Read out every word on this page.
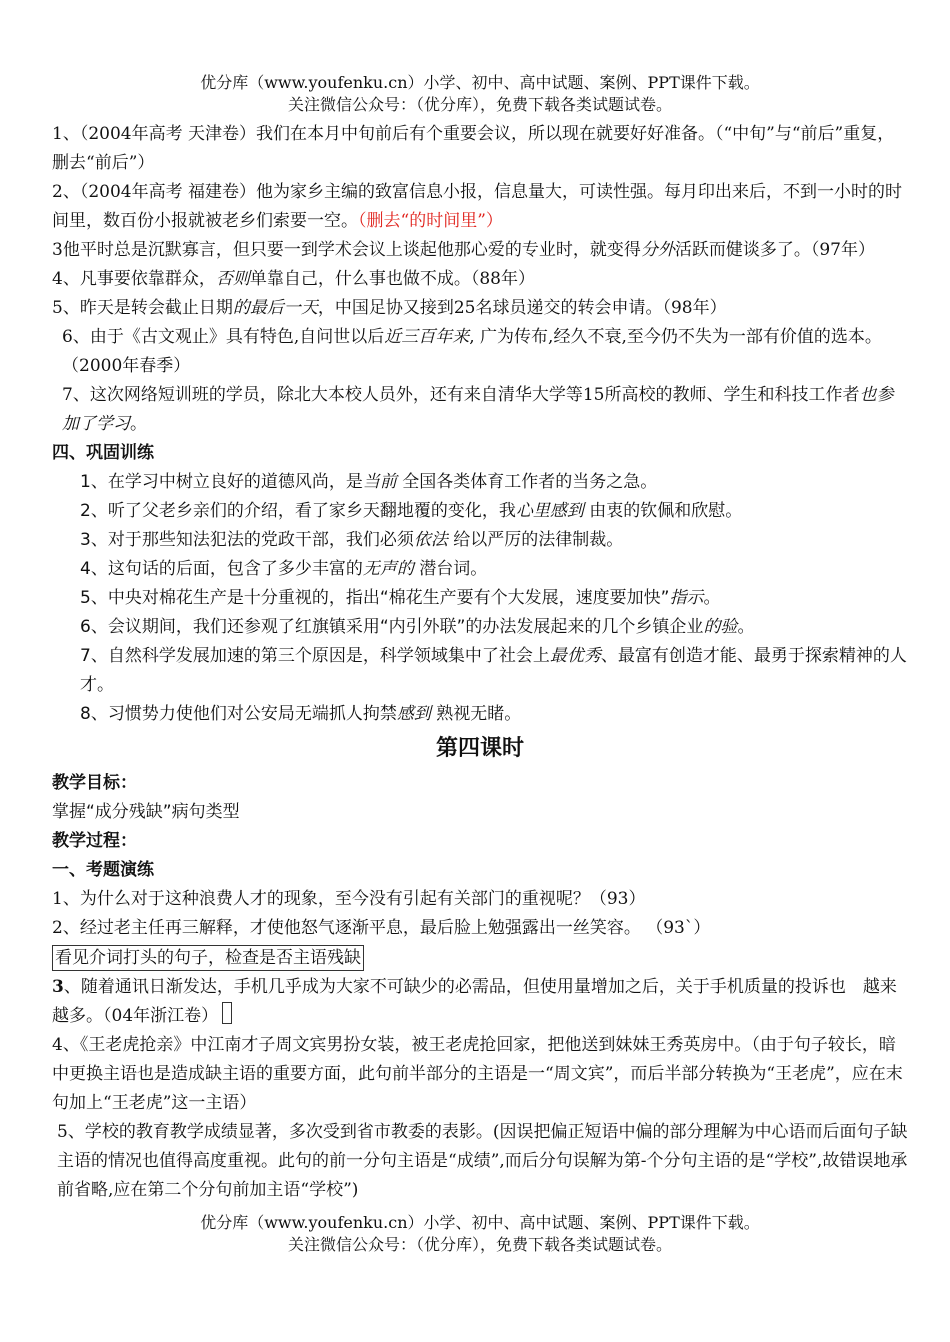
优分库（www.youfenku.cn）小学、初中、高中试题、案例、PPT课件下载。
关注微信公众号：（优分库），免费下载各类试题试卷。

1、（2004年高考 天津卷）我们在本月中旬前后有个重要会议，所以现在就要好好准备。（“中旬”与“前后”重复，删去“前后”）

2、（2004年高考 福建卷）他为家乡主编的致富信息小报，信息量大，可读性强。每月印出来后，不到一小时的时间里，数百份小报就被老乡们索要一空。（删去“的时间里”）

3他平时总是沉默寡言，但只要一到学术会议上谈起他那心爱的专业时，就变得分外活跃而健谈多了。（97年）

4、凡事要依靠群众，否则单靠自己，什么事也做不成。（88年）

5、昨天是转会截止日期的最后一天，中国足协又接到25名球员递交的转会申请。（98年）

6、由于《古文观止》具有特色,自问世以后近三百年来, 广为传布,经久不衰,至今仍不失为一部有价值的选本。（2000年春季）

7、这次网络短训班的学员，除北大本校人员外，还有来自清华大学等15所高校的教师、学生和科技工作者也参加了学习。

四、巩固训练

1、在学习中树立良好的道德风尚，是当前 全国各类体育工作者的当务之急。

2、听了父老乡亲们的介绍，看了家乡天翻地覆的变化，我心里感到 由衷的钦佩和欣慰。

3、对于那些知法犯法的党政干部，我们必须依法 给以严厉的法律制裁。

4、这句话的后面，包含了多少丰富的无声的 潜台词。

5、中央对棉花生产是十分重视的，指出“棉花生产要有个大发展，速度要加快”指示。

6、会议期间，我们还参观了红旗镇采用“内引外联”的办法发展起来的几个乡镇企业的验。

7、自然科学发展加速的第三个原因是，科学领域集中了社会上最优秀、最富有创造才能、最勇于探索精神的人才。

8、习惯势力使他们对公安局无端抓人拘禁感到 熟视无睹。

第四课时

教学目标：

掌握“成分残缺”病句类型

教学过程：

一、考题演练

1、为什么对于这种浪费人才的现象，至今没有引起有关部门的重视呢？（93）

2、经过老主任再三解释，才使他怒气逐渐平息，最后脸上勉强露出一丝笑容。 （93`）

看见介词打头的句子，检查是否主语残缺

3、随着通讯日渐发达，手机几乎成为大家不可缺少的必需品，但使用量增加之后，关于手机质量的投诉也　越来越多。（04年浙江卷）

4、《王老虎抢亲》中江南才子周文宾男扮女装，被王老虎抢回家，把他送到妹妹王秀英房中。（由于句子较长，暗中更换主语也是造成缺主语的重要方面，此句前半部分的主语是一“周文宾”，而后半部分转换为“王老虎”，应在末句加上“王老虎”这一主语）

5、学校的教育教学成绩显著，多次受到省市教委的表影。(因误把偏正短语中偏的部分理解为中心语而后面句子缺主语的情况也值得高度重视。此句的前一分句主语是“成绩”,而后分句误解为第-个分句主语的是“学校”,故错误地承前省略,应在第二个分句前加主语“学校”)

优分库（www.youfenku.cn）小学、初中、高中试题、案例、PPT课件下载。
关注微信公众号：（优分库），免费下载各类试题试卷。
